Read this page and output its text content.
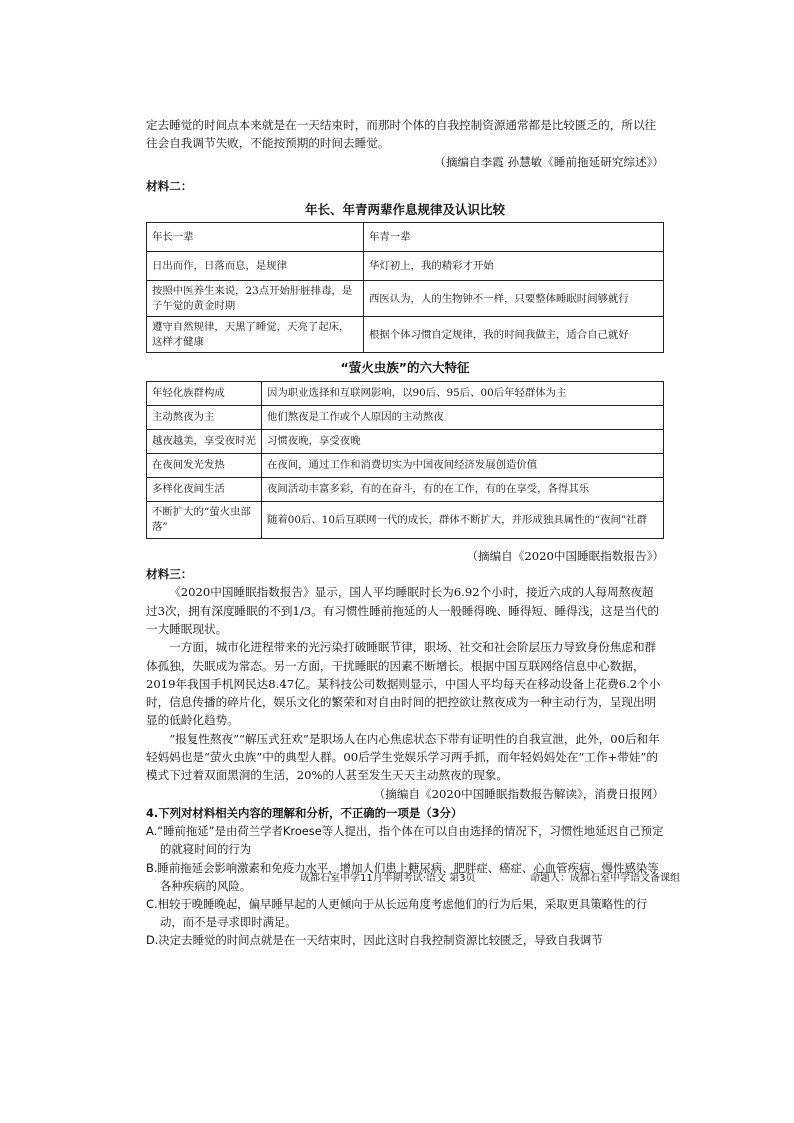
定去睡觉的时间点本来就是在一天结束时，而那时个体的自我控制资源通常都是比较匮乏的，所以往往会自我调节失败，不能按预期的时间去睡觉。

（摘编自李霞 孙慧敏《睡前拖延研究综述》）

材料二：

年长、年青两辈作息规律及认识比较
年长一辈	年青一辈
日出而作，日落而息，是规律	华灯初上，我的精彩才开始
按照中医养生来说，23点开始肝脏排毒，是子午觉的黄金时期	西医认为，人的生物钟不一样，只要整体睡眠时间够就行
遵守自然规律，天黑了睡觉，天亮了起床，这样才健康	根据个体习惯自定规律，我的时间我做主，适合自己就好
“萤火虫族”的六大特征
年轻化族群构成	因为职业选择和互联网影响，以90后、95后、00后年轻群体为主
主动熬夜为主	他们熬夜是工作或个人原因的主动熬夜
越夜越美，享受夜时光	习惯夜晚，享受夜晚
在夜间发光发热	在夜间，通过工作和消费切实为中国夜间经济发展创造价值
多样化夜间生活	夜间活动丰富多彩，有的在奋斗，有的在工作，有的在享受，各得其乐
不断扩大的“萤火虫部落”	随着00后、10后互联网一代的成长，群体不断扩大，并形成独具属性的“夜间”社群

（摘编自《2020中国睡眠指数报告》）

材料三：

《2020中国睡眠指数报告》显示，国人平均睡眠时长为6.92个小时，接近六成的人每周熬夜超过3次，拥有深度睡眠的不到1/3。有习惯性睡前拖延的人一般睡得晚、睡得短、睡得浅，这是当代的一大睡眠现状。

一方面，城市化进程带来的光污染打破睡眠节律，职场、社交和社会阶层压力导致身份焦虑和群体孤独，失眠成为常态。另一方面，干扰睡眠的因素不断增长。根据中国互联网络信息中心数据，2019年我国手机网民达8.47亿。某科技公司数据则显示，中国人平均每天在移动设备上花费6.2个小时，信息传播的碎片化，娱乐文化的繁荣和对自由时间的把控欲让熬夜成为一种主动行为，呈现出明显的低龄化趋势。

“报复性熬夜”“解压式狂欢”是职场人在内心焦虑状态下带有证明性的自我宣泄，此外，00后和年轻妈妈也是“萤火虫族”中的典型人群。00后学生党娱乐学习两手抓，而年轻妈妈处在“工作+带娃”的模式下过着双面黑洞的生活，20%的人甚至发生天天主动熬夜的现象。

（摘编自《2020中国睡眠指数报告解读》，消费日报网）

4.下列对材料相关内容的理解和分析，不正确的一项是（3分）

A.“睡前拖延”是由荷兰学者Kroese等人提出，指个体在可以自由选择的情况下，习惯性地延迟自己预定的就寝时间的行为

B.睡前拖延会影响激素和免疫力水平，增加人们患上糖尿病、肥胖症、癌症、心血管疾病、慢性感染等各种疾病的风险。

C.相较于晚睡晚起，偏早睡早起的人更倾向于从长远角度考虑他们的行为后果，采取更具策略性的行动，而不是寻求即时满足。

D.决定去睡觉的时间点就是在一天结束时，因此这时自我控制资源比较匮乏，导致自我调节

成都石室中学11月半期考试·语文 第3页	命题人：成都石室中学语文备课组
